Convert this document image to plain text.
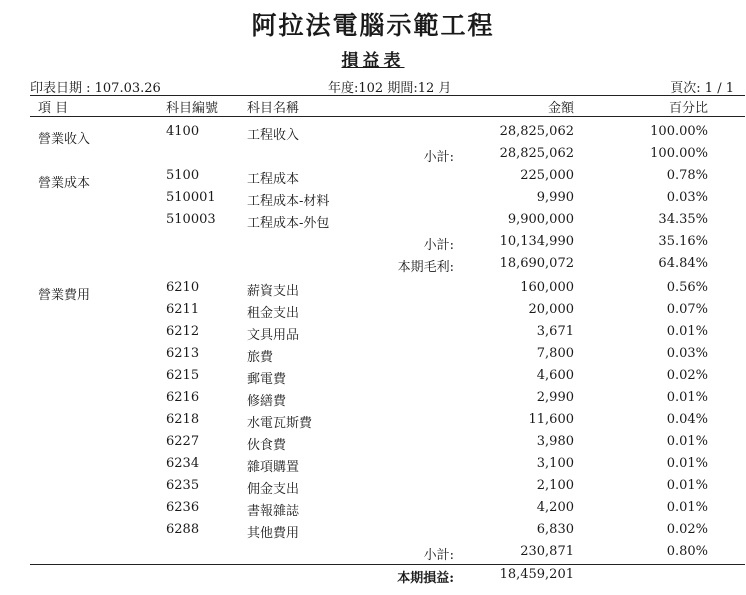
阿拉法電腦示範工程
損益表
印表日期 : 107.03.26	年度:102 期間:12 月	頁次: 1 / 1
項 目	科目編號 科目名稱	金額	百分比
營業收入
4100	工程收入	28,825,062	100.00%
小計:	28,825,062	100.00%
營業成本
5100	工程成本	225,000	0.78%
510001 工程成本-材料	9,990	0.03%
510003 工程成本-外包	9,900,000	34.35%
小計:	10,134,990	35.16%
本期毛利:	18,690,072	64.84%
營業費用
6210	薪資支出	160,000	0.56%
6211	租金支出	20,000	0.07%
6212	文具用品	3,671	0.01%
6213	旅費	7,800	0.03%
6215	郵電費	4,600	0.02%
6216	修繕費	2,990	0.01%
6218	水電瓦斯費	11,600	0.04%
6227	伙食費	3,980	0.01%
6234	雜項購置	3,100	0.01%
6235	佣金支出	2,100	0.01%
6236	書報雜誌	4,200	0.01%
6288	其他費用	6,830	0.02%
小計:	230,871	0.80%
本期損益:	18,459,201
